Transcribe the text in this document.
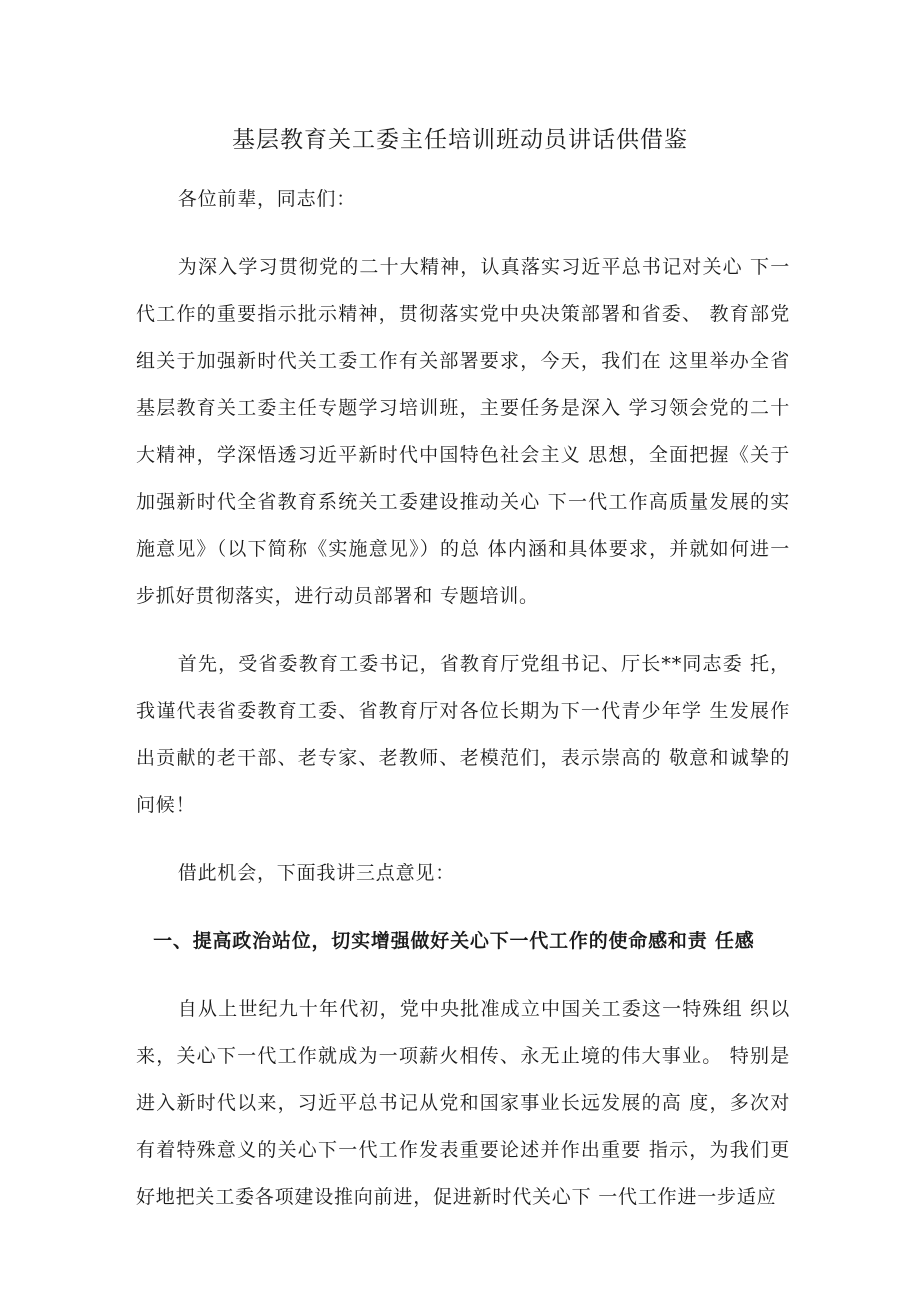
基层教育关工委主任培训班动员讲话供借鉴

各位前辈，同志们：

为深入学习贯彻党的二十大精神，认真落实习近平总书记对关心 下一代工作的重要指示批示精神，贯彻落实党中央决策部署和省委、 教育部党组关于加强新时代关工委工作有关部署要求，今天，我们在 这里举办全省基层教育关工委主任专题学习培训班，主要任务是深入 学习领会党的二十大精神，学深悟透习近平新时代中国特色社会主义 思想，全面把握《关于加强新时代全省教育系统关工委建设推动关心 下一代工作高质量发展的实施意见》（以下简称《实施意见》）的总 体内涵和具体要求，并就如何进一步抓好贯彻落实，进行动员部署和 专题培训。

首先，受省委教育工委书记，省教育厅党组书记、厅长**同志委 托，我谨代表省委教育工委、省教育厅对各位长期为下一代青少年学 生发展作出贡献的老干部、老专家、老教师、老模范们，表示崇高的 敬意和诚挚的问候！

借此机会，下面我讲三点意见：

一、提高政治站位，切实增强做好关心下一代工作的使命感和责 任感

自从上世纪九十年代初，党中央批准成立中国关工委这一特殊组 织以来，关心下一代工作就成为一项薪火相传、永无止境的伟大事业。 特别是进入新时代以来，习近平总书记从党和国家事业长远发展的高 度，多次对有着特殊意义的关心下一代工作发表重要论述并作出重要 指示，为我们更好地把关工委各项建设推向前进，促进新时代关心下 一代工作进一步适应
